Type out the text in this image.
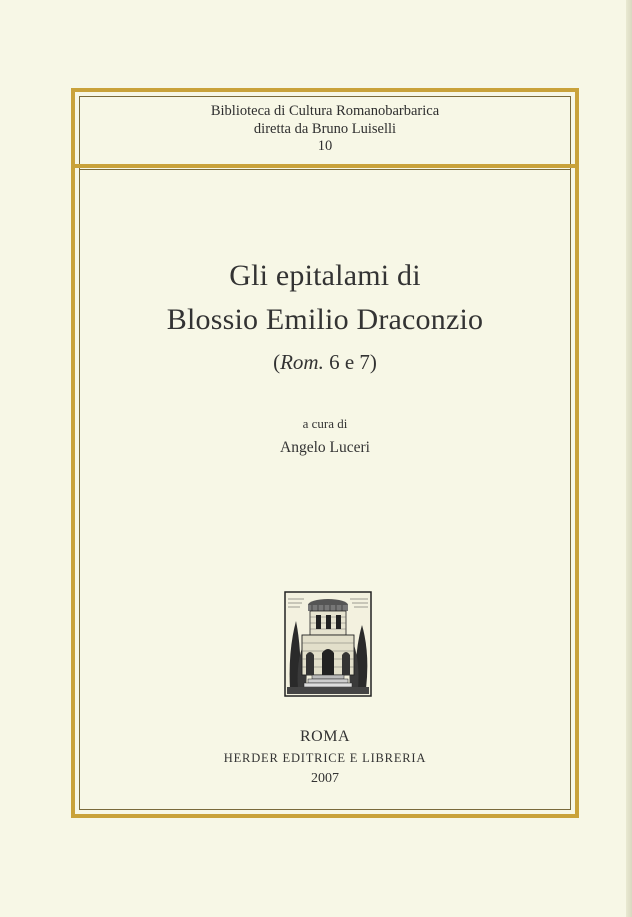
Biblioteca di Cultura Romanobarbarica
diretta da Bruno Luiselli
10
Gli epitalami di
Blossio Emilio Draconzio
(Rom. 6 e 7)
a cura di
Angelo Luceri
ROMA
HERDER EDITRICE E LIBRERIA
2007
